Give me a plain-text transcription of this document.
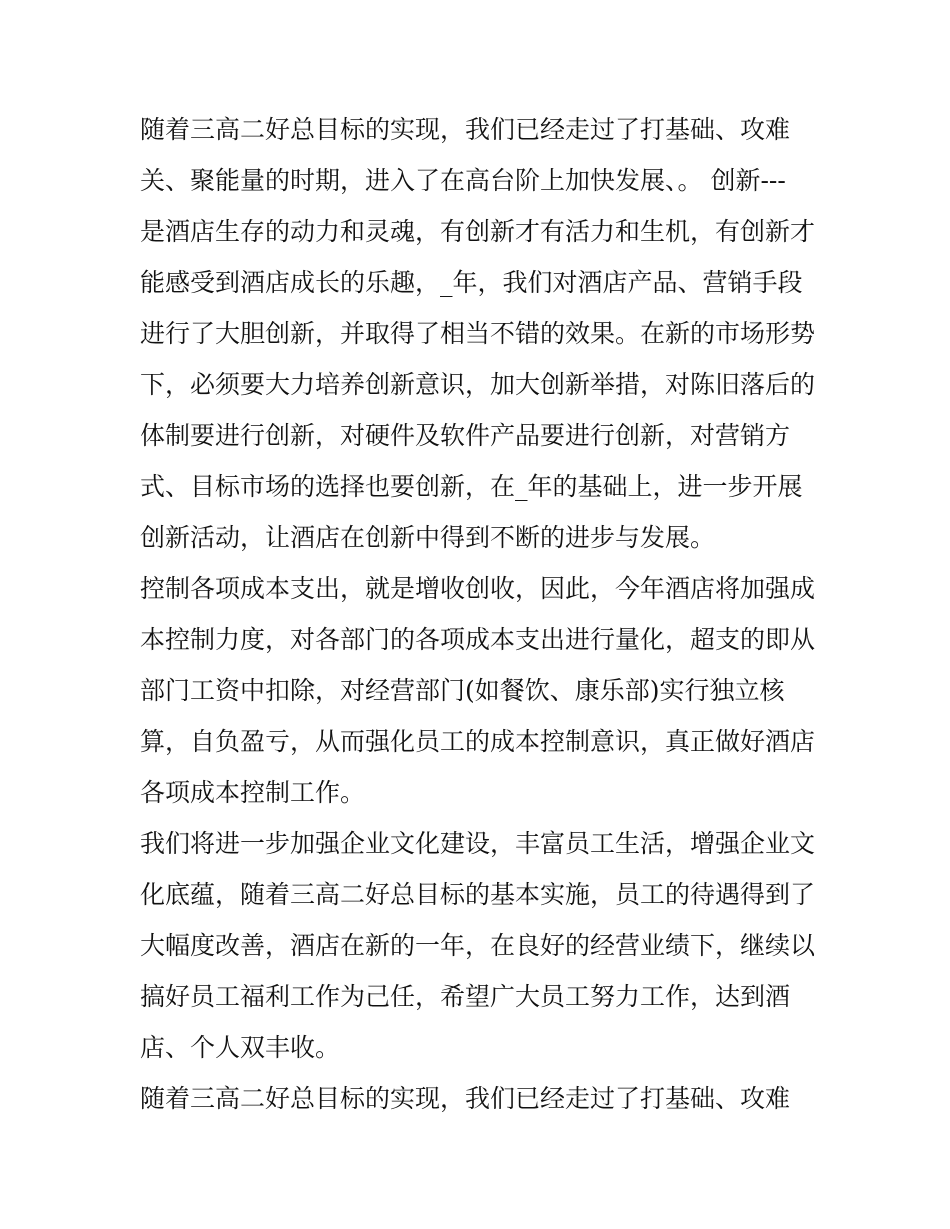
随着三高二好总目标的实现，我们已经走过了打基础、攻难
关、聚能量的时期，进入了在高台阶上加快发展、。 创新---
是酒店生存的动力和灵魂，有创新才有活力和生机，有创新才
能感受到酒店成长的乐趣，_年，我们对酒店产品、营销手段
进行了大胆创新，并取得了相当不错的效果。在新的市场形势
下，必须要大力培养创新意识，加大创新举措，对陈旧落后的
体制要进行创新，对硬件及软件产品要进行创新，对营销方
式、目标市场的选择也要创新，在_年的基础上，进一步开展
创新活动，让酒店在创新中得到不断的进步与发展。
控制各项成本支出，就是增收创收，因此，今年酒店将加强成
本控制力度，对各部门的各项成本支出进行量化，超支的即从
部门工资中扣除，对经营部门(如餐饮、康乐部)实行独立核
算，自负盈亏，从而强化员工的成本控制意识，真正做好酒店
各项成本控制工作。
我们将进一步加强企业文化建设，丰富员工生活，增强企业文
化底蕴，随着三高二好总目标的基本实施，员工的待遇得到了
大幅度改善，酒店在新的一年，在良好的经营业绩下，继续以
搞好员工福利工作为己任，希望广大员工努力工作，达到酒
店、个人双丰收。
随着三高二好总目标的实现，我们已经走过了打基础、攻难
